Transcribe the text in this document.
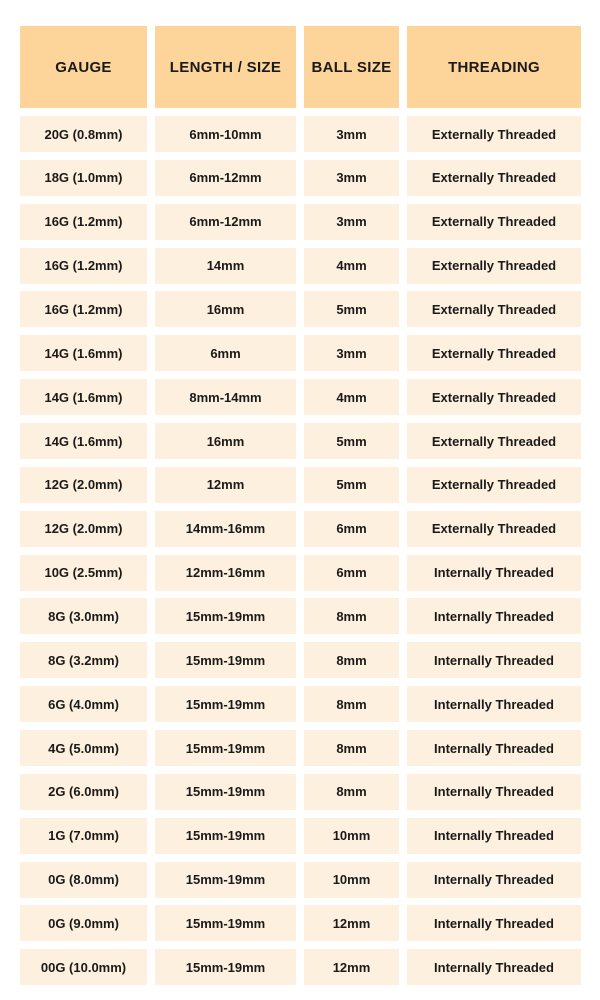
GAUGE	LENGTH / SIZE	BALL SIZE	THREADING
20G (0.8mm)	6mm-10mm	3mm	Externally Threaded
18G (1.0mm)	6mm-12mm	3mm	Externally Threaded
16G (1.2mm)	6mm-12mm	3mm	Externally Threaded
16G (1.2mm)	14mm	4mm	Externally Threaded
16G (1.2mm)	16mm	5mm	Externally Threaded
14G (1.6mm)	6mm	3mm	Externally Threaded
14G (1.6mm)	8mm-14mm	4mm	Externally Threaded
14G (1.6mm)	16mm	5mm	Externally Threaded
12G (2.0mm)	12mm	5mm	Externally Threaded
12G (2.0mm)	14mm-16mm	6mm	Externally Threaded
10G (2.5mm)	12mm-16mm	6mm	Internally Threaded
8G (3.0mm)	15mm-19mm	8mm	Internally Threaded
8G (3.2mm)	15mm-19mm	8mm	Internally Threaded
6G (4.0mm)	15mm-19mm	8mm	Internally Threaded
4G (5.0mm)	15mm-19mm	8mm	Internally Threaded
2G (6.0mm)	15mm-19mm	8mm	Internally Threaded
1G (7.0mm)	15mm-19mm	10mm	Internally Threaded
0G (8.0mm)	15mm-19mm	10mm	Internally Threaded
0G (9.0mm)	15mm-19mm	12mm	Internally Threaded
00G (10.0mm)	15mm-19mm	12mm	Internally Threaded
